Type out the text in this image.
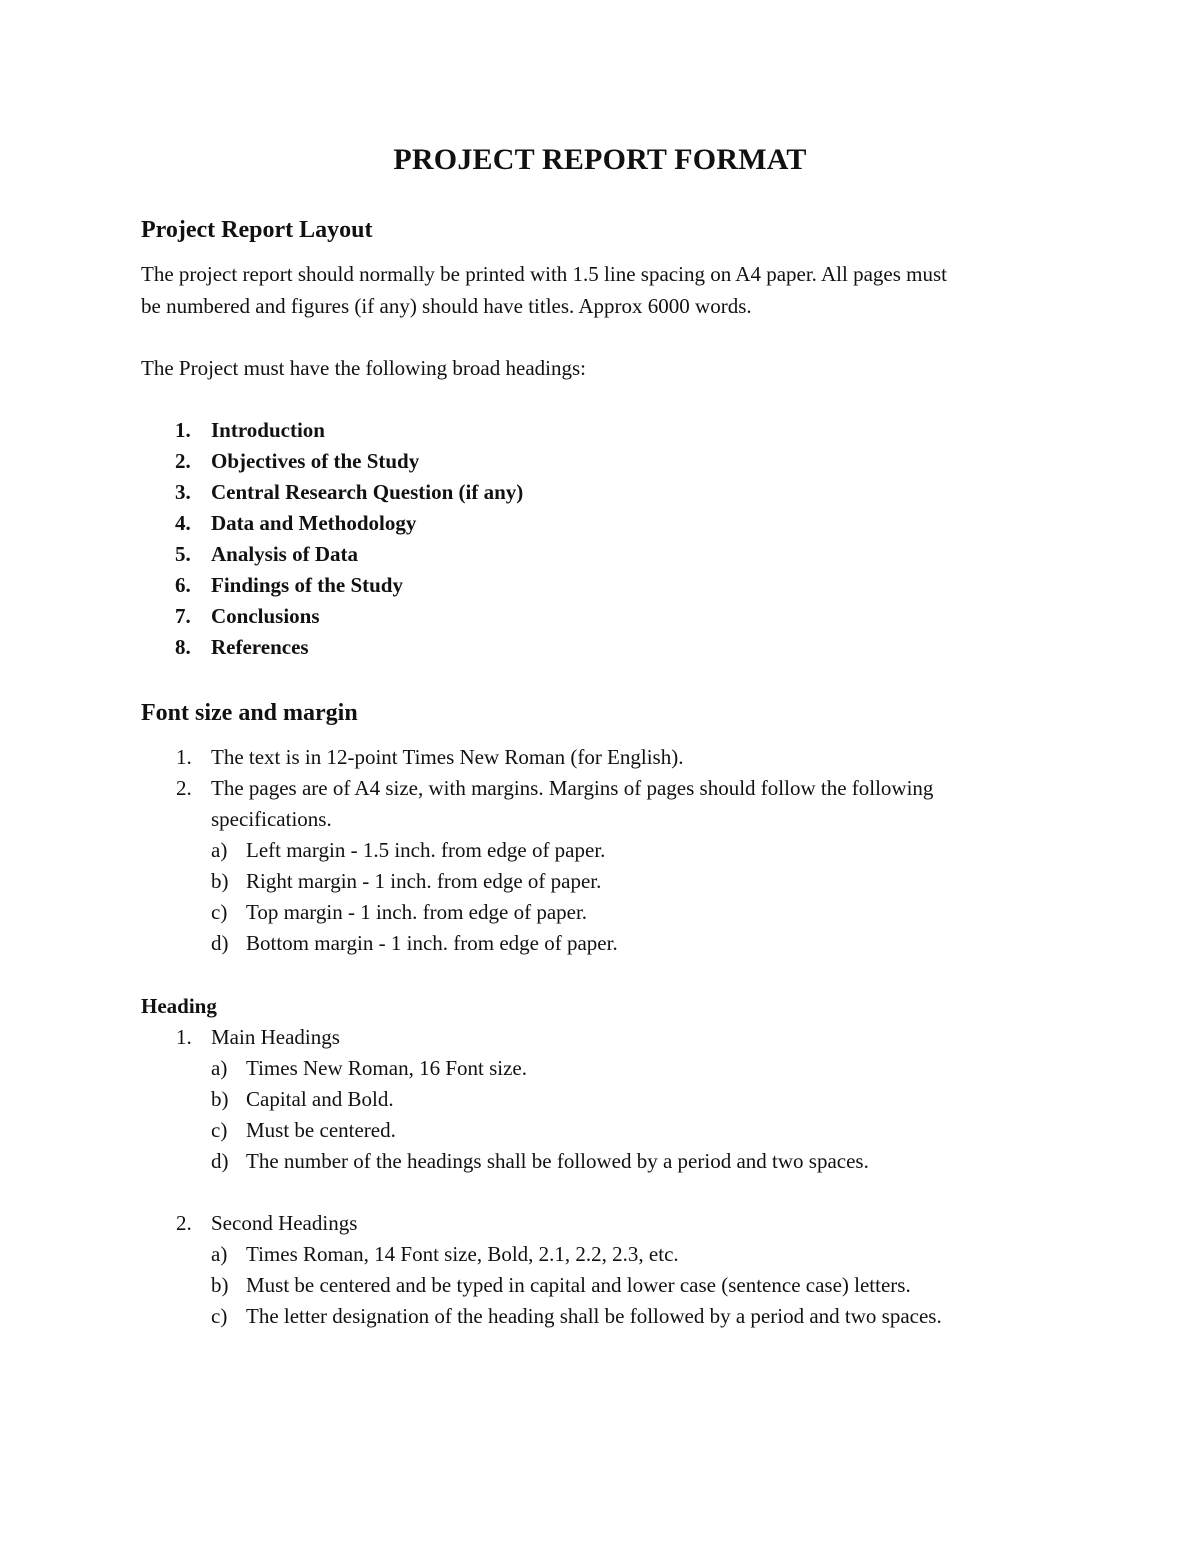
PROJECT REPORT FORMAT
Project Report Layout
The project report should normally be printed with 1.5 line spacing on A4 paper. All pages must
be numbered and figures (if any) should have titles. Approx 6000 words.
The Project must have the following broad headings:
1. Introduction
2. Objectives of the Study
3. Central Research Question (if any)
4. Data and Methodology
5. Analysis of Data
6. Findings of the Study
7. Conclusions
8. References
Font size and margin
1. The text is in 12-point Times New Roman (for English).
2. The pages are of A4 size, with margins. Margins of pages should follow the following
specifications.
a) Left margin - 1.5 inch. from edge of paper.
b) Right margin - 1 inch. from edge of paper.
c) Top margin - 1 inch. from edge of paper.
d) Bottom margin - 1 inch. from edge of paper.
Heading
1. Main Headings
a) Times New Roman, 16 Font size.
b) Capital and Bold.
c) Must be centered.
d) The number of the headings shall be followed by a period and two spaces.
2. Second Headings
a) Times Roman, 14 Font size, Bold, 2.1, 2.2, 2.3, etc.
b) Must be centered and be typed in capital and lower case (sentence case) letters.
c) The letter designation of the heading shall be followed by a period and two spaces.
